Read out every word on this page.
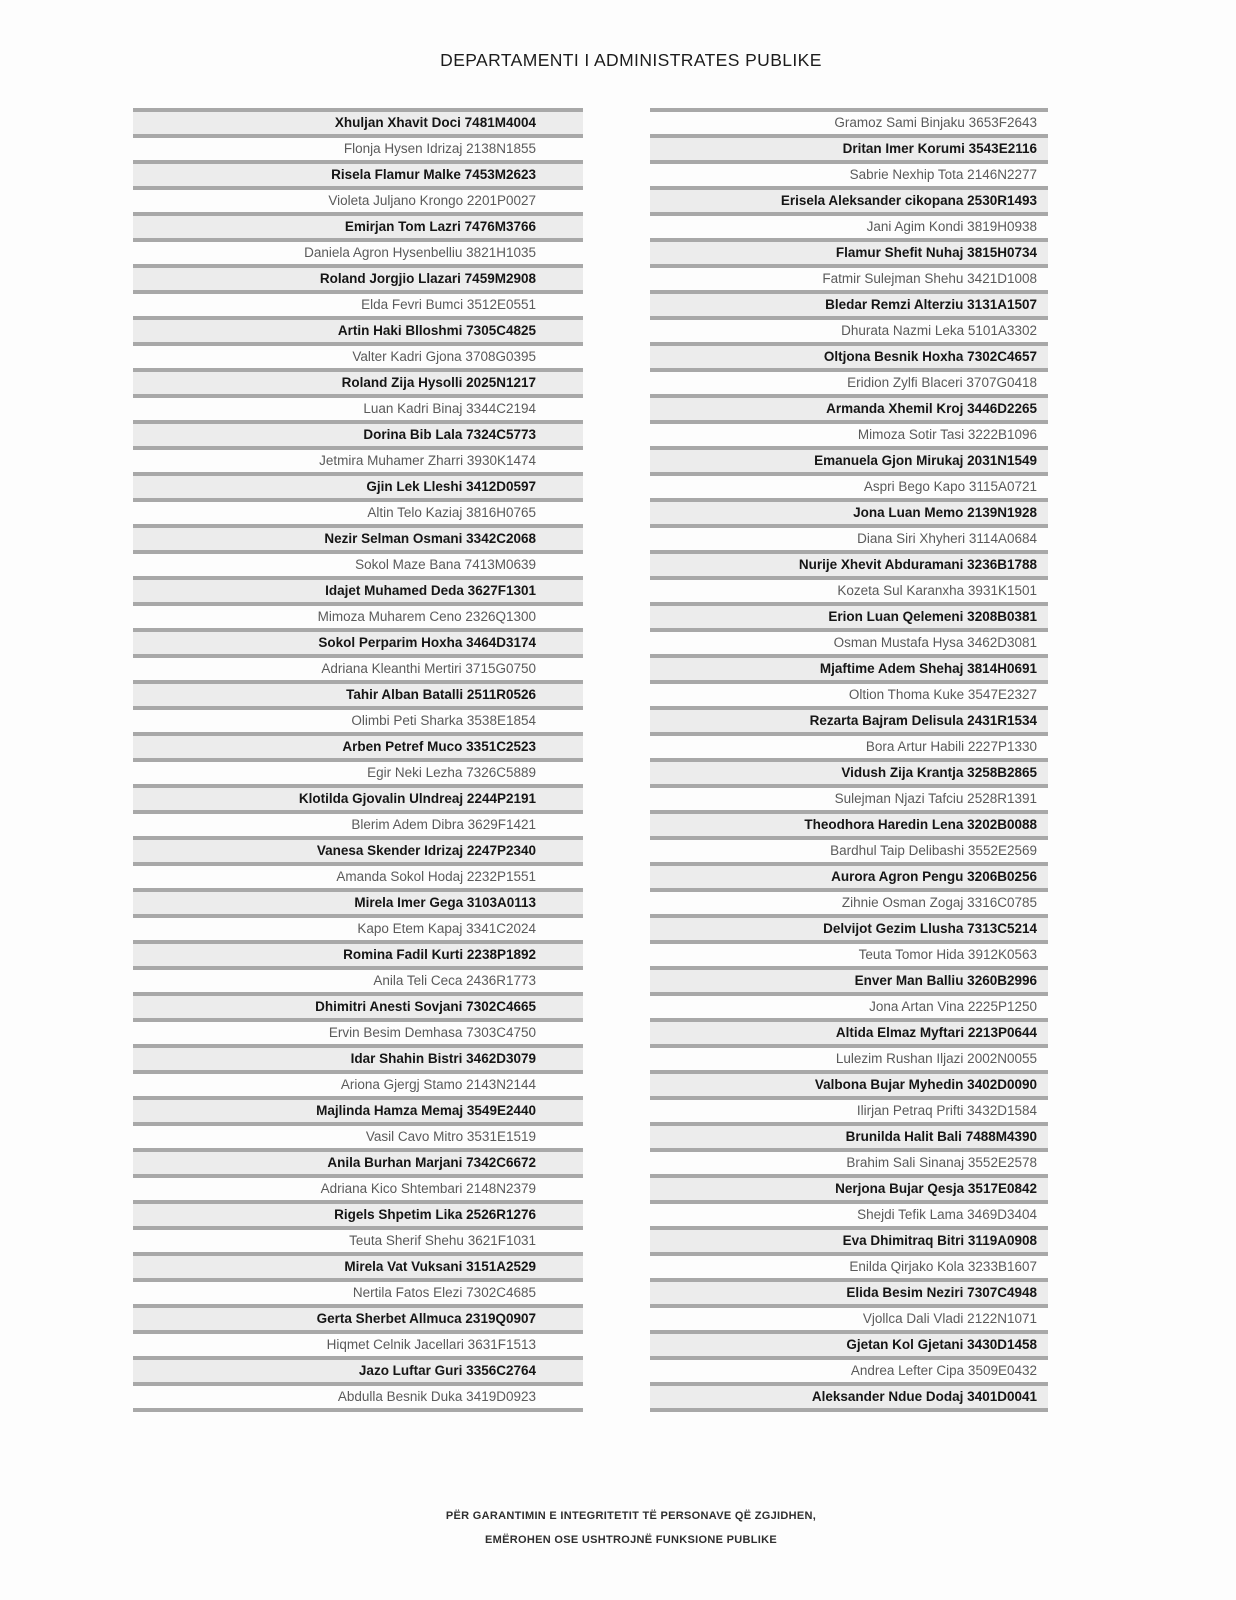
DEPARTAMENTI I ADMINISTRATES PUBLIKE
Xhuljan Xhavit Doci 7481M4004
Flonja Hysen Idrizaj 2138N1855
Risela Flamur Malke 7453M2623
Violeta Juljano Krongo 2201P0027
Emirjan Tom Lazri 7476M3766
Daniela Agron Hysenbelliu 3821H1035
Roland Jorgjio Llazari 7459M2908
Elda Fevri Bumci 3512E0551
Artin Haki Blloshmi 7305C4825
Valter Kadri Gjona 3708G0395
Roland Zija Hysolli 2025N1217
Luan Kadri Binaj 3344C2194
Dorina Bib Lala 7324C5773
Jetmira Muhamer Zharri 3930K1474
Gjin Lek Lleshi 3412D0597
Altin Telo Kaziaj 3816H0765
Nezir Selman Osmani 3342C2068
Sokol Maze Bana 7413M0639
Idajet Muhamed Deda 3627F1301
Mimoza Muharem Ceno 2326Q1300
Sokol Perparim Hoxha 3464D3174
Adriana Kleanthi Mertiri 3715G0750
Tahir Alban Batalli 2511R0526
Olimbi Peti Sharka 3538E1854
Arben Petref Muco 3351C2523
Egir Neki Lezha 7326C5889
Klotilda Gjovalin Ulndreaj 2244P2191
Blerim Adem Dibra 3629F1421
Vanesa Skender Idrizaj 2247P2340
Amanda Sokol Hodaj 2232P1551
Mirela Imer Gega 3103A0113
Kapo Etem Kapaj 3341C2024
Romina Fadil Kurti 2238P1892
Anila Teli Ceca 2436R1773
Dhimitri Anesti Sovjani 7302C4665
Ervin Besim Demhasa 7303C4750
Idar Shahin Bistri 3462D3079
Ariona Gjergj Stamo 2143N2144
Majlinda Hamza Memaj 3549E2440
Vasil Cavo Mitro 3531E1519
Anila Burhan Marjani 7342C6672
Adriana Kico Shtembari 2148N2379
Rigels Shpetim Lika 2526R1276
Teuta Sherif Shehu 3621F1031
Mirela Vat Vuksani 3151A2529
Nertila Fatos Elezi 7302C4685
Gerta Sherbet Allmuca 2319Q0907
Hiqmet Celnik Jacellari 3631F1513
Jazo Luftar Guri 3356C2764
Abdulla Besnik Duka 3419D0923
Gramoz Sami Binjaku 3653F2643
Dritan Imer Korumi 3543E2116
Sabrie Nexhip Tota 2146N2277
Erisela Aleksander cikopana 2530R1493
Jani Agim Kondi 3819H0938
Flamur Shefit Nuhaj 3815H0734
Fatmir Sulejman Shehu 3421D1008
Bledar Remzi Alterziu 3131A1507
Dhurata Nazmi Leka 5101A3302
Oltjona Besnik Hoxha 7302C4657
Eridion Zylfi Blaceri 3707G0418
Armanda Xhemil Kroj 3446D2265
Mimoza Sotir Tasi 3222B1096
Emanuela Gjon Mirukaj 2031N1549
Aspri Bego Kapo 3115A0721
Jona Luan Memo 2139N1928
Diana Siri Xhyheri 3114A0684
Nurije Xhevit Abduramani 3236B1788
Kozeta Sul Karanxha 3931K1501
Erion Luan Qelemeni 3208B0381
Osman Mustafa Hysa 3462D3081
Mjaftime Adem Shehaj 3814H0691
Oltion Thoma Kuke 3547E2327
Rezarta Bajram Delisula 2431R1534
Bora Artur Habili 2227P1330
Vidush Zija Krantja 3258B2865
Sulejman Njazi Tafciu 2528R1391
Theodhora Haredin Lena 3202B0088
Bardhul Taip Delibashi 3552E2569
Aurora Agron Pengu 3206B0256
Zihnie Osman Zogaj 3316C0785
Delvijot Gezim Llusha 7313C5214
Teuta Tomor Hida 3912K0563
Enver Man Balliu 3260B2996
Jona Artan Vina 2225P1250
Altida Elmaz Myftari 2213P0644
Lulezim Rushan Iljazi 2002N0055
Valbona Bujar Myhedin 3402D0090
Ilirjan Petraq Prifti 3432D1584
Brunilda Halit Bali 7488M4390
Brahim Sali Sinanaj 3552E2578
Nerjona Bujar Qesja 3517E0842
Shejdi Tefik Lama 3469D3404
Eva Dhimitraq Bitri 3119A0908
Enilda Qirjako Kola 3233B1607
Elida Besim Neziri 7307C4948
Vjollca Dali Vladi 2122N1071
Gjetan Kol Gjetani 3430D1458
Andrea Lefter Cipa 3509E0432
Aleksander Ndue Dodaj 3401D0041
PËR GARANTIMIN E INTEGRITETIT TË PERSONAVE QË ZGJIDHEN,
EMËROHEN OSE USHTROJNË FUNKSIONE PUBLIKE
